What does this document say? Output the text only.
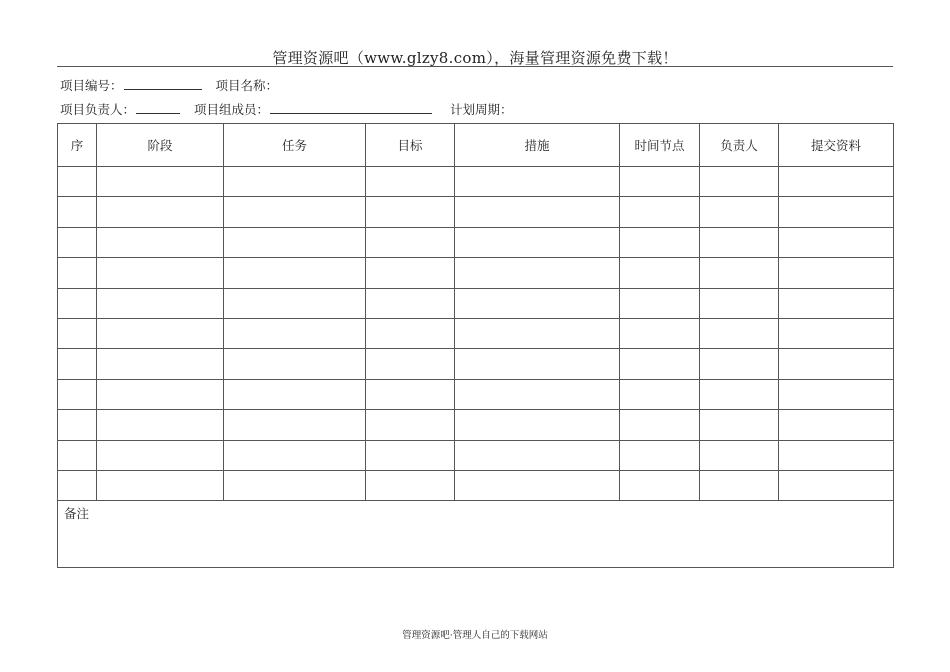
管理资源吧（www.glzy8.com），海量管理资源免费下载！
项目编号：	项目名称：
项目负责人：	项目组成员：	计划周期：
序	阶段	任务	目标	措施	时间节点	负责人	提交资料

备注							
管理资源吧·管理人自己的下载网站
